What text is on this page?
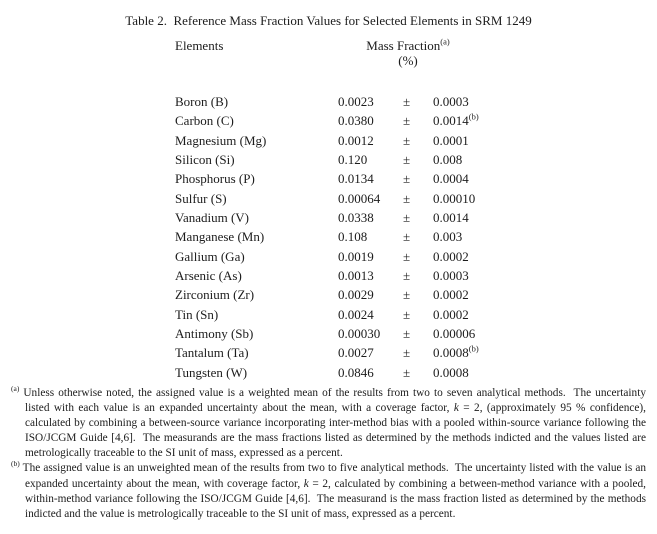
Table 2.  Reference Mass Fraction Values for Selected Elements in SRM 1249
Elements	Mass Fraction$^{(a)}$
(%)
Boron (B)	0.0023	±	0.0003
Carbon (C)	0.0380	±	$0.0014^{(b)}$
Magnesium (Mg)	0.0012	±	0.0001
Silicon (Si)	0.120	±	0.008
Phosphorus (P)	0.0134	±	0.0004
Sulfur (S)	0.00064	±	0.00010
Vanadium (V)	0.0338	±	0.0014
Manganese (Mn)	0.108	±	0.003
Gallium (Ga)	0.0019	±	0.0002
Arsenic (As)	0.0013	±	0.0003
Zirconium (Zr)	0.0029	±	0.0002
Tin (Sn)	0.0024	±	0.0002
Antimony (Sb)	0.00030	±	0.00006
Tantalum (Ta)	0.0027	±	$0.0008^{(b)}$
Tungsten (W)	0.0846	±	0.0008

$^{(a)}$ Unless otherwise noted, the assigned value is a weighted mean of the results from two to seven analytical methods.  The uncertainty listed with each value is an expanded uncertainty about the mean, with a coverage factor, k = 2, (approximately 95 % confidence), calculated by combining a between-source variance incorporating inter-method bias with a pooled within-source variance following the ISO/JCGM Guide [4,6].  The measurands are the mass fractions listed as determined by the methods indicted and the values listed are metrologically traceable to the SI unit of mass, expressed as a percent.

$^{(b)}$ The assigned value is an unweighted mean of the results from two to five analytical methods.  The uncertainty listed with the value is an expanded uncertainty about the mean, with coverage factor, k = 2, calculated by combining a between-method variance with a pooled, within-method variance following the ISO/JCGM Guide [4,6].  The measurand is the mass fraction listed as determined by the methods indicted and the value is metrologically traceable to the SI unit of mass, expressed as a percent.
